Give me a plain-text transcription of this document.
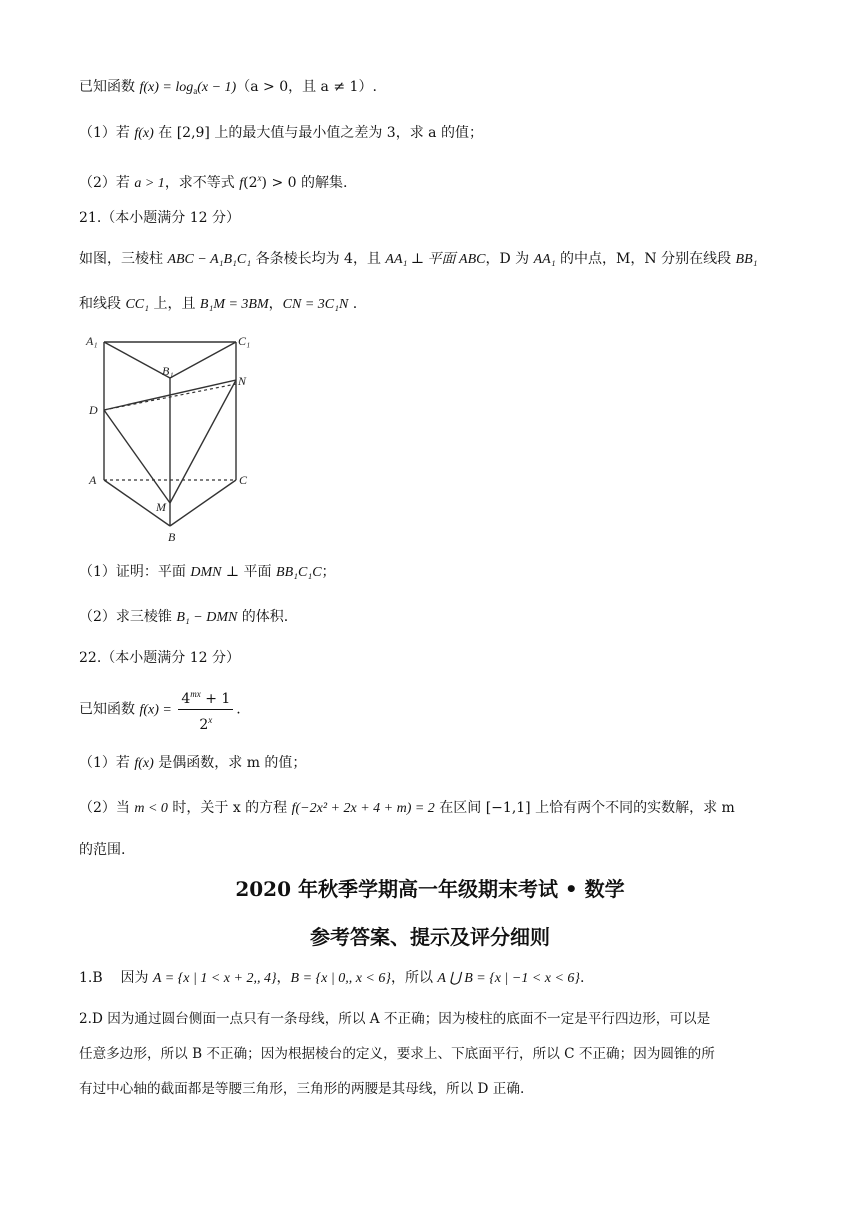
已知函数 $f(x) = \log_a(x - 1)(a > 0$，且 a ≠ 1）.
（1）若 f(x) 在 [2,9] 上的最大值与最小值之差为 3，求 a 的值；
（2）若 a > 1，求不等式 $f(2^x) > 0$ 的解集.
21.（本小题满分 12 分）
如图，三棱柱 ABC − A₁B₁C₁ 各条棱长均为 4，且 AA₁ ⊥ 平面 ABC，D 为 AA₁ 的中点，M，N 分别在线段 BB₁
和线段 CC₁ 上，且 B₁M = 3BM，CN = 3C₁N .
A₁	C₁
B₁
N
D
A	C
M
B
（1）证明：平面 DMN ⊥ 平面 BB₁C₁C；
（2）求三棱锥 B₁ − DMN 的体积.
22.（本小题满分 12 分）
已知函数 $f(x) = \frac{4^{mx} + 1}{2^x}$ .
（1）若 f(x) 是偶函数，求 m 的值；
（2）当 m < 0 时，关于 x 的方程 f(−2x² + 2x + 4 + m) = 2 在区间 [−1,1] 上恰有两个不同的实数解，求 m
的范围.
2020 年秋季学期高一年级期末考试 • 数学
参考答案、提示及评分细则
1.B 因为 A = {x | 1 < x + 2,, 4}，B = {x | 0,, x < 6}，所以 A ⋃ B = {x | −1 < x < 6}.
2.D 因为通过圆台侧面一点只有一条母线，所以 A 不正确；因为棱柱的底面不一定是平行四边形，可以是
任意多边形，所以 B 不正确；因为根据棱台的定义，要求上、下底面平行，所以 C 不正确；因为圆锥的所
有过中心轴的截面都是等腰三角形，三角形的两腰是其母线，所以 D 正确.
